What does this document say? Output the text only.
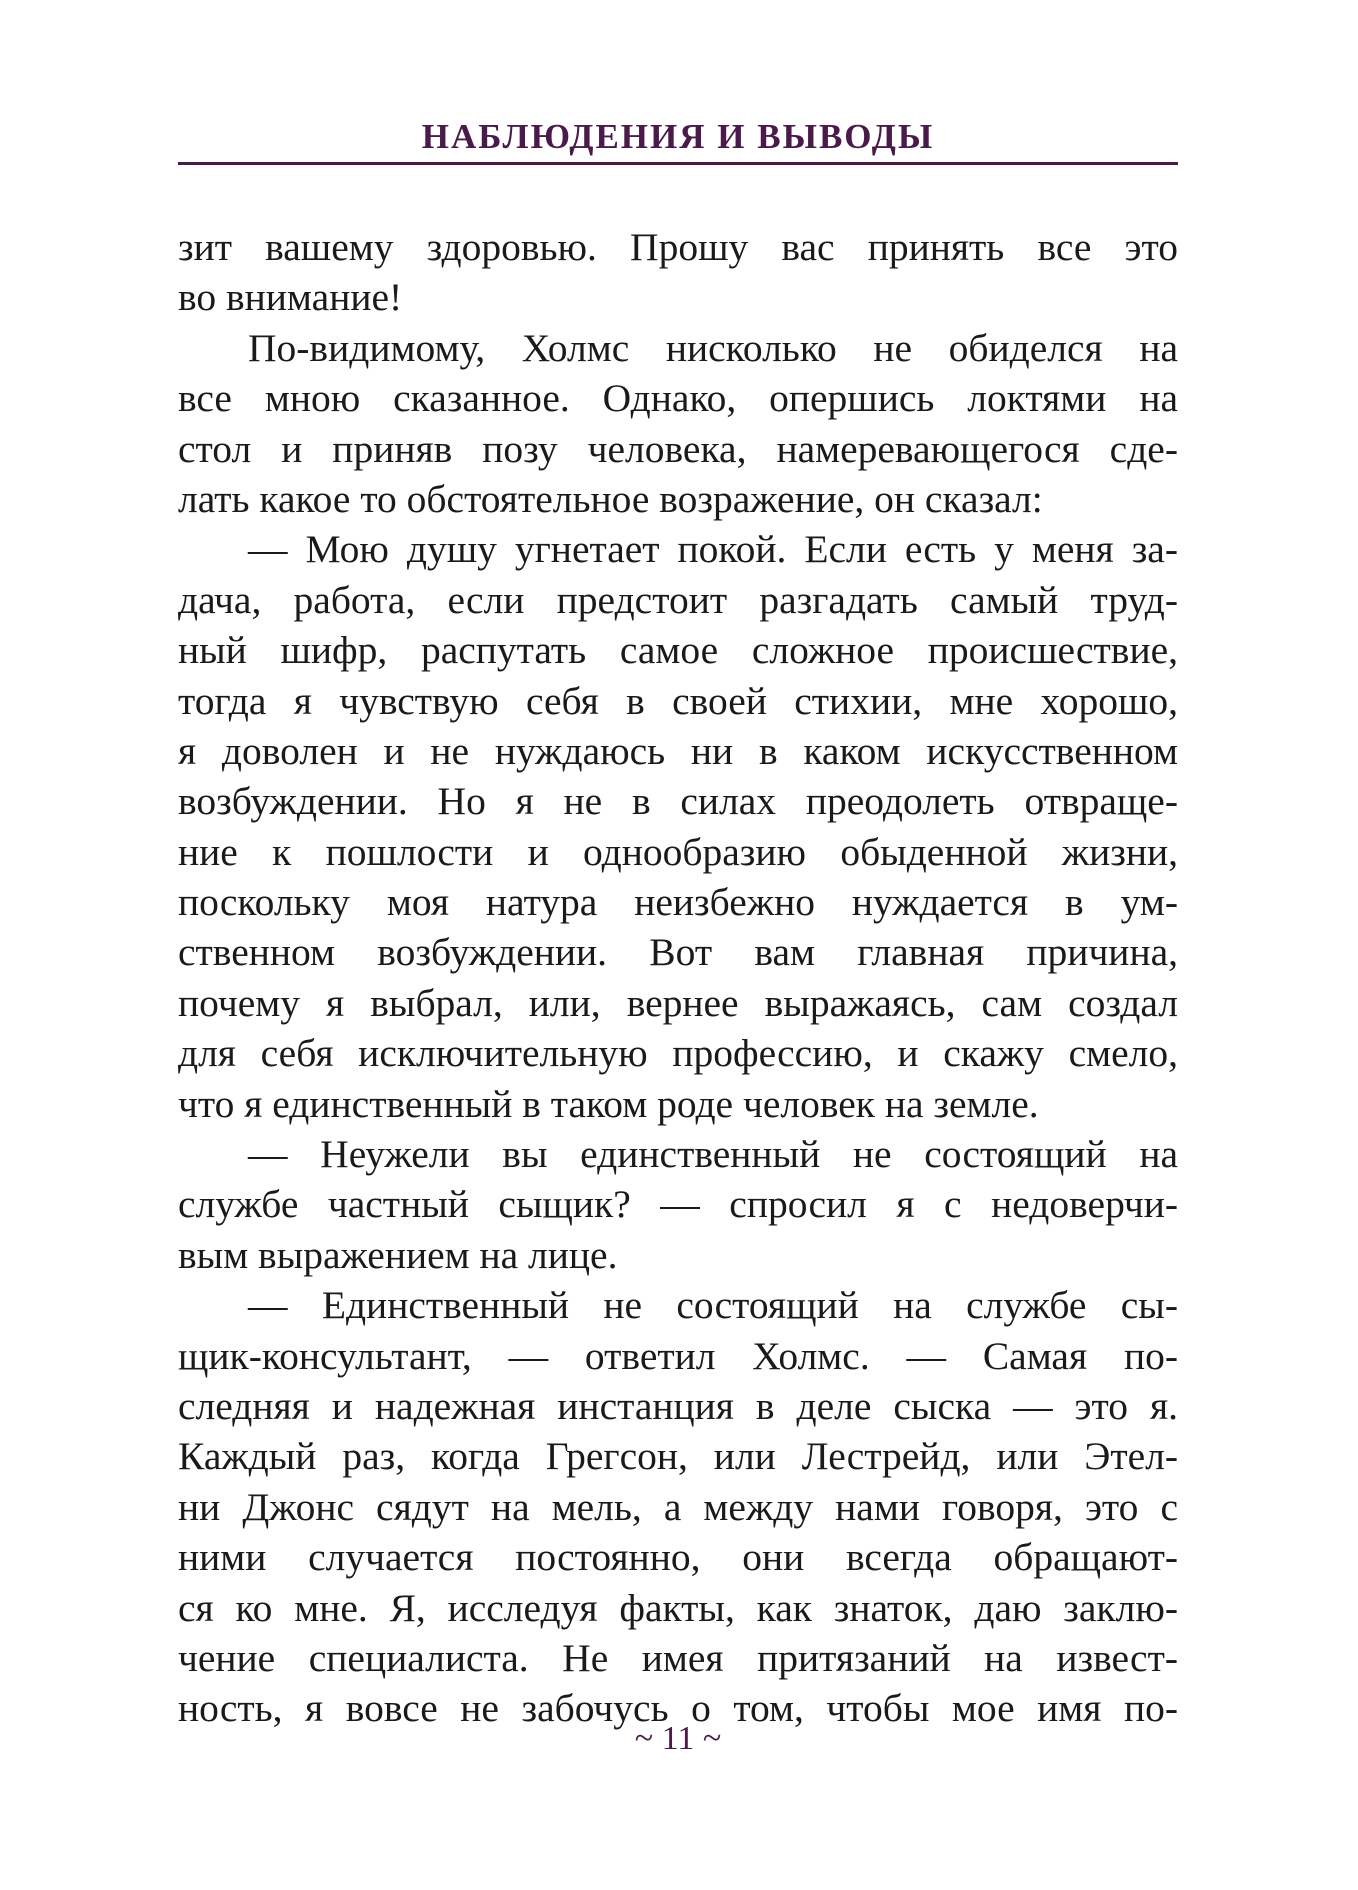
НАБЛЮДЕНИЯ И ВЫВОДЫ
зит вашему здоровью. Прошу вас принять все это
во внимание!
По-видимому, Холмс нисколько не обиделся на
все мною сказанное. Однако, опершись локтями на
стол и приняв позу человека, намеревающегося сде-
лать какое то обстоятельное возражение, он сказал:
— Мою душу угнетает покой. Если есть у меня за-
дача, работа, если предстоит разгадать самый труд-
ный шифр, распутать самое сложное происшествие,
тогда я чувствую себя в своей стихии, мне хорошо,
я доволен и не нуждаюсь ни в каком искусственном
возбуждении. Но я не в силах преодолеть отвраще-
ние к пошлости и однообразию обыденной жизни,
поскольку моя натура неизбежно нуждается в ум-
ственном возбуждении. Вот вам главная причина,
почему я выбрал, или, вернее выражаясь, сам создал
для себя исключительную профессию, и скажу смело,
что я единственный в таком роде человек на земле.
— Неужели вы единственный не состоящий на
службе частный сыщик? — спросил я с недоверчи-
вым выражением на лице.
— Единственный не состоящий на службе сы-
щик-консультант, — ответил Холмс. — Самая по-
следняя и надежная инстанция в деле сыска — это я.
Каждый раз, когда Грегсон, или Лестрейд, или Этел-
ни Джонс сядут на мель, а между нами говоря, это с
ними случается постоянно, они всегда обращают-
ся ко мне. Я, исследуя факты, как знаток, даю заклю-
чение специалиста. Не имея притязаний на извест-
ность, я вовсе не забочусь о том, чтобы мое имя по-
~ 11 ~
